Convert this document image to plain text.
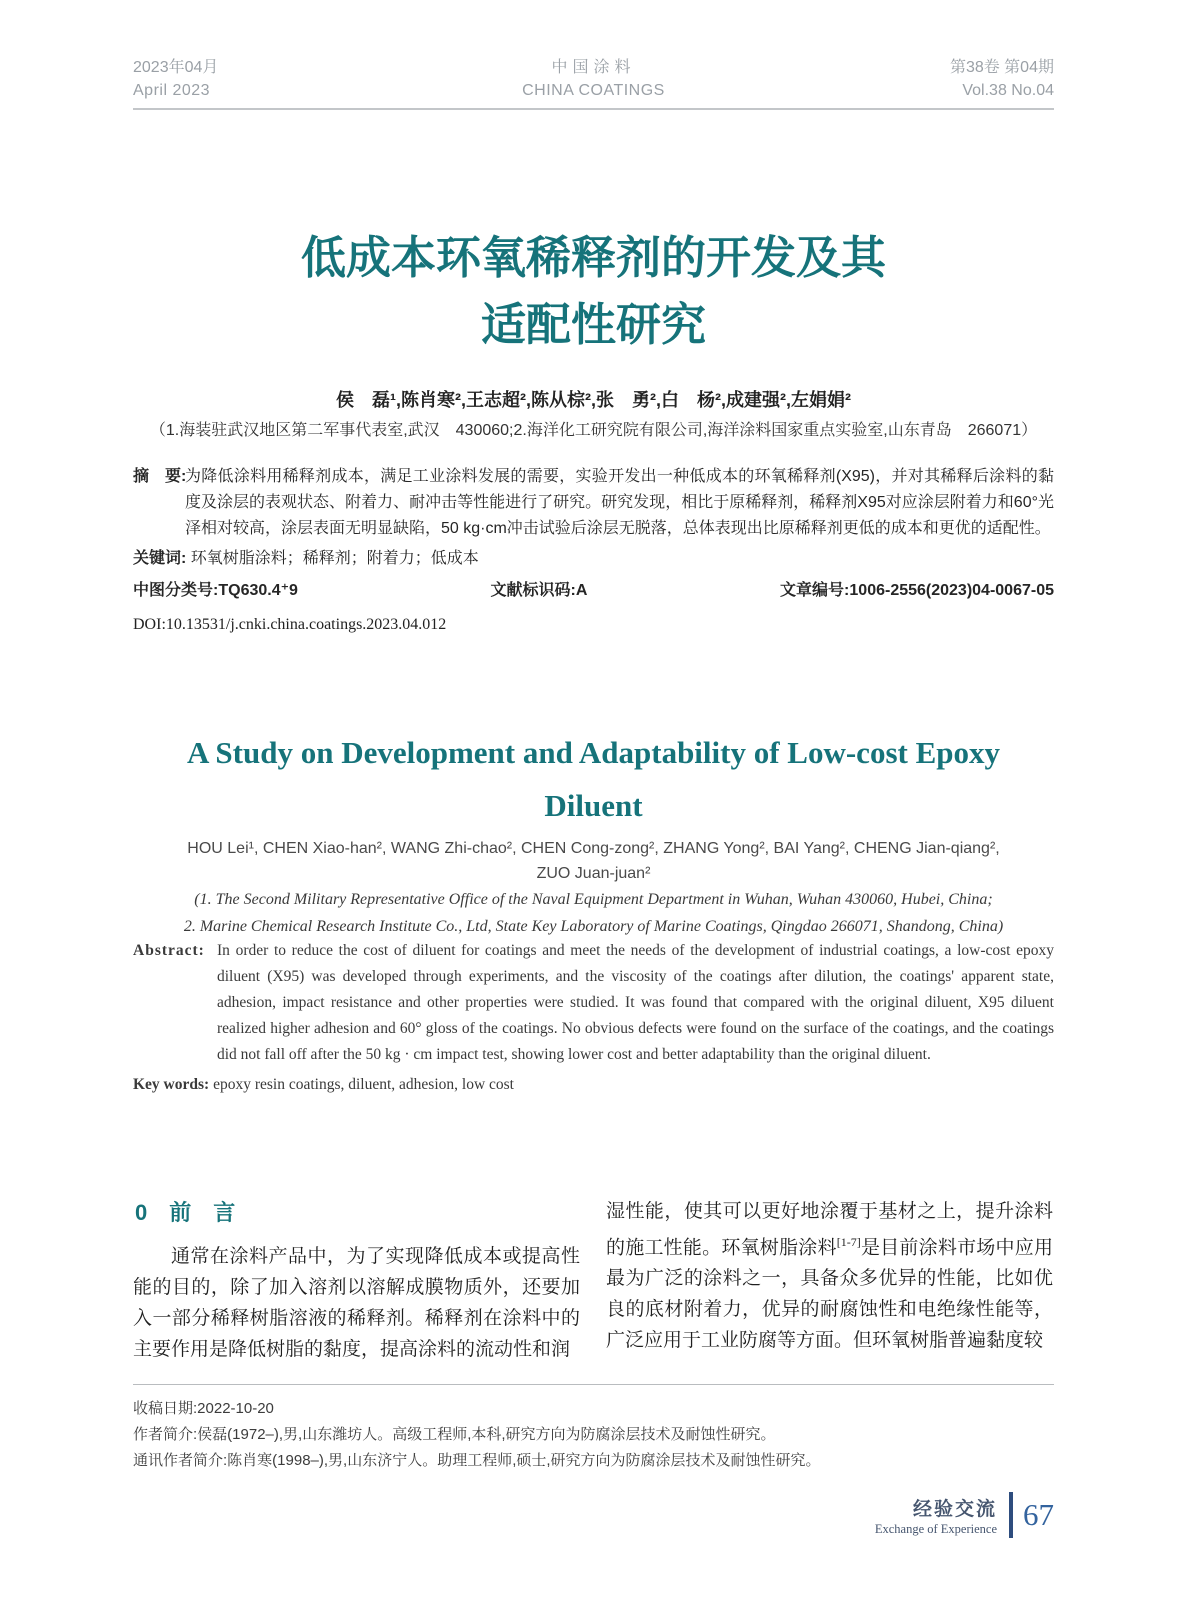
2023年04月
April 2023
中国涂料
CHINA COATINGS
第38卷 第04期
Vol.38 No.04
低成本环氧稀释剂的开发及其
适配性研究
侯　磊¹,陈肖寒²,王志超²,陈从棕²,张　勇²,白　杨²,成建强²,左娟娟²
（1.海装驻武汉地区第二军事代表室,武汉　430060;2.海洋化工研究院有限公司,海洋涂料国家重点实验室,山东青岛　266071）
摘　要:
为降低涂料用稀释剂成本，满足工业涂料发展的需要，实验开发出一种低成本的环氧稀释剂(X95)，并对其稀释后涂料的黏度及涂层的表观状态、附着力、耐冲击等性能进行了研究。研究发现，相比于原稀释剂，稀释剂X95对应涂层附着力和60°光泽相对较高，涂层表面无明显缺陷，50 kg·cm冲击试验后涂层无脱落，总体表现出比原稀释剂更低的成本和更优的适配性。
关键词: 环氧树脂涂料；稀释剂；附着力；低成本
中图分类号:TQ630.4⁺9	文献标识码:A	文章编号:1006-2556(2023)04-0067-05
DOI:10.13531/j.cnki.china.coatings.2023.04.012
A Study on Development and Adaptability of Low-cost Epoxy
Diluent
HOU Lei¹, CHEN Xiao-han², WANG Zhi-chao², CHEN Cong-zong², ZHANG Yong², BAI Yang², CHENG Jian-qiang²,
ZUO Juan-juan²
(1. The Second Military Representative Office of the Naval Equipment Department in Wuhan, Wuhan 430060, Hubei, China;
2. Marine Chemical Research Institute Co., Ltd, State Key Laboratory of Marine Coatings, Qingdao 266071, Shandong, China)
Abstract: In order to reduce the cost of diluent for coatings and meet the needs of the development of industrial coatings, a low-cost epoxy diluent (X95) was developed through experiments, and the viscosity of the coatings after dilution, the coatings' apparent state, adhesion, impact resistance and other properties were studied. It was found that compared with the original diluent, X95 diluent realized higher adhesion and 60° gloss of the coatings. No obvious defects were found on the surface of the coatings, and the coatings did not fall off after the 50 kg · cm impact test, showing lower cost and better adaptability than the original diluent.
Key words: epoxy resin coatings, diluent, adhesion, low cost
0　前　言

通常在涂料产品中，为了实现降低成本或提高性能的目的，除了加入溶剂以溶解成膜物质外，还要加入一部分稀释树脂溶液的稀释剂。稀释剂在涂料中的主要作用是降低树脂的黏度，提高涂料的流动性和润

湿性能，使其可以更好地涂覆于基材之上，提升涂料的施工性能。环氧树脂涂料[1-7]是目前涂料市场中应用最为广泛的涂料之一，具备众多优异的性能，比如优良的底材附着力，优异的耐腐蚀性和电绝缘性能等，广泛应用于工业防腐等方面。但环氧树脂普遍黏度较

收稿日期:2022-10-20
作者简介:侯磊(1972–),男,山东潍坊人。高级工程师,本科,研究方向为防腐涂层技术及耐蚀性研究。
通讯作者简介:陈肖寒(1998–),男,山东济宁人。助理工程师,硕士,研究方向为防腐涂层技术及耐蚀性研究。
经验交流
Exchange of Experience 67
